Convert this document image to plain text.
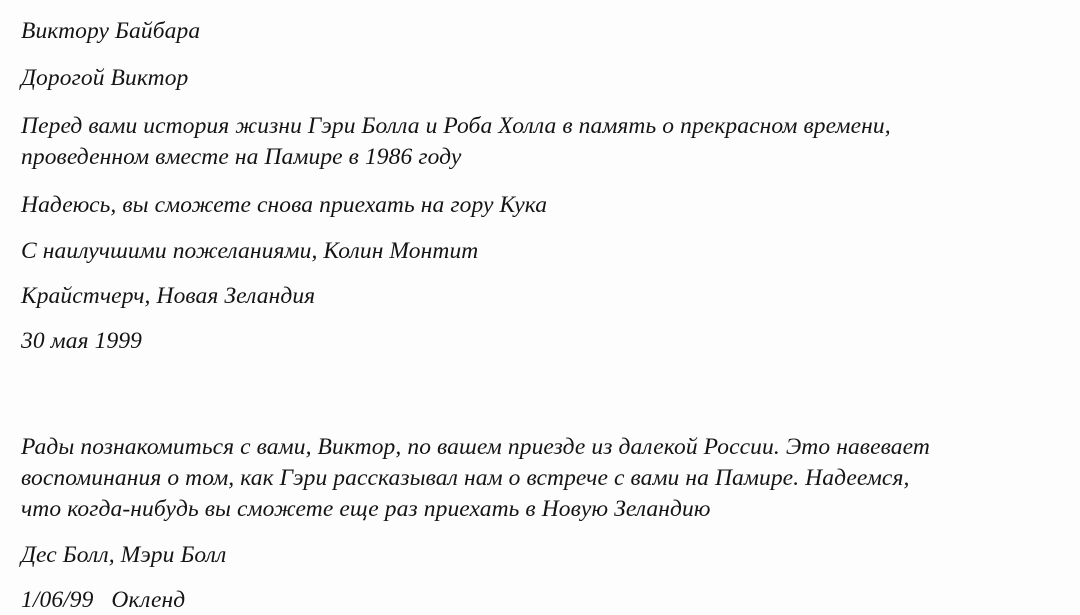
Виктору Байбара
Дорогой Виктор
Перед вами история жизни Гэри Болла и Роба Холла в память о прекрасном времени,
проведенном вместе на Памире в 1986 году
Надеюсь, вы сможете снова приехать на гору Кука
С наилучшими пожеланиями, Колин Монтит
Крайстчерч, Новая Зеландия
30 мая 1999
Рады познакомиться с вами, Виктор, по вашем приезде из далекой России. Это навевает
воспоминания о том, как Гэри рассказывал нам о встрече с вами на Памире. Надеемся,
что когда-нибудь вы сможете еще раз приехать в Новую Зеландию
Дес Болл, Мэри Болл
1/06/99   Окленд
